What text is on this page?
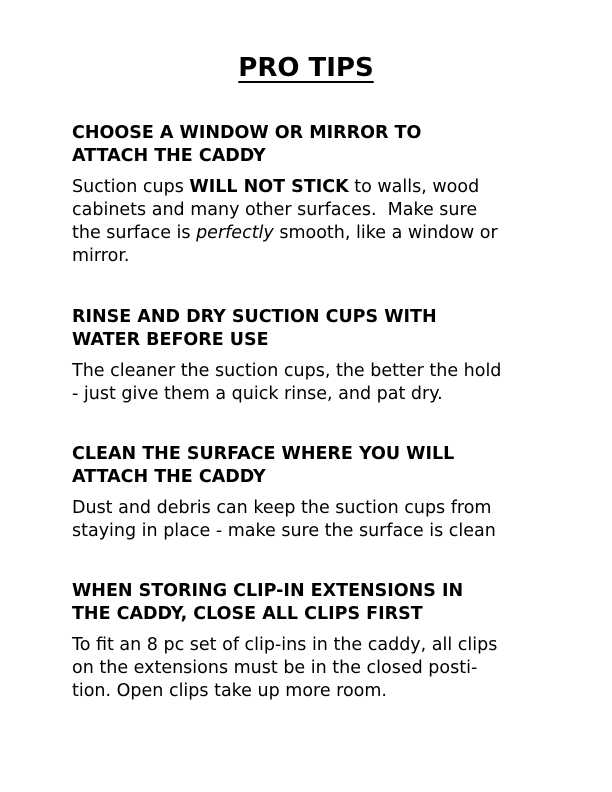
PRO TIPS

CHOOSE A WINDOW OR MIRROR TO
ATTACH THE CADDY

Suction cups WILL NOT STICK to walls, wood
cabinets and many other surfaces.  Make sure
the surface is perfectly smooth, like a window or
mirror.

RINSE AND DRY SUCTION CUPS WITH
WATER BEFORE USE

The cleaner the suction cups, the better the hold
- just give them a quick rinse, and pat dry.

CLEAN THE SURFACE WHERE YOU WILL
ATTACH THE CADDY

Dust and debris can keep the suction cups from
staying in place - make sure the surface is clean

WHEN STORING CLIP-IN EXTENSIONS IN
THE CADDY, CLOSE ALL CLIPS FIRST

To fit an 8 pc set of clip-ins in the caddy, all clips
on the extensions must be in the closed posti-
tion. Open clips take up more room.
